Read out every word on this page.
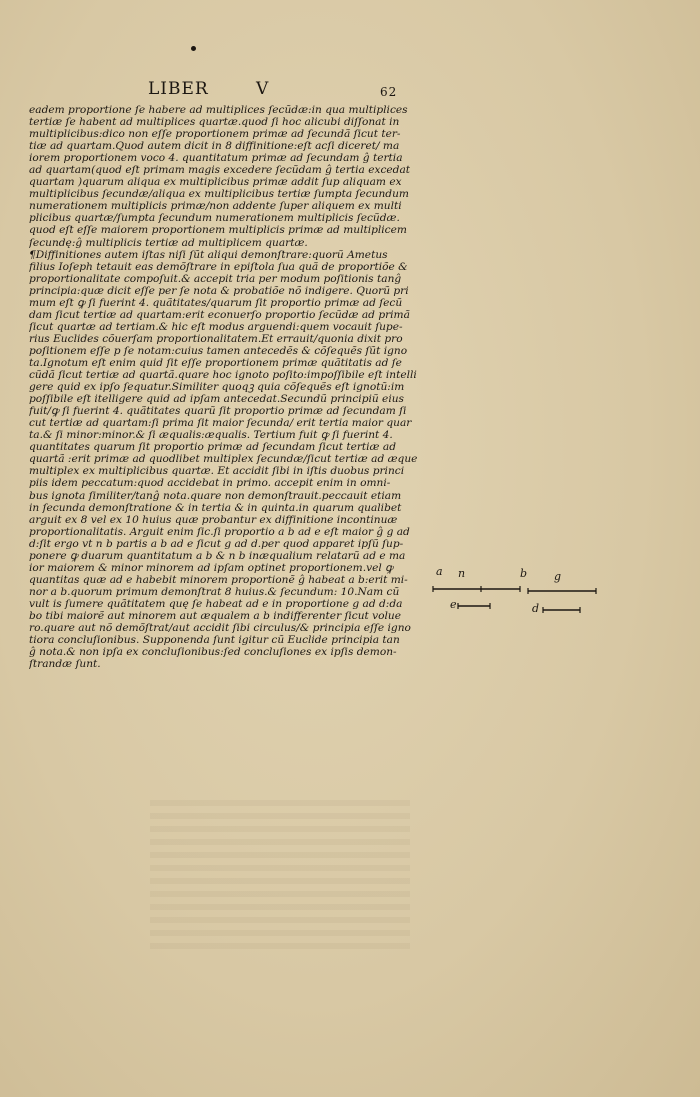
LIBER	V	62
eadem proportione ſe habere ad multiplices ſecũdæ:in qua multiplices
tertiæ ſe habent ad multiplices quartæ.quod ſi hoc alicubi diſſonat in
multiplicibus:dico non eſſe proportionem primæ ad ſecundã ſicut ter-
tiæ ad quartam.Quod autem dicit in 8 diffinitione:eſt acſi diceret/ ma
iorem proportionem voco 4. quantitatum primæ ad ſecundam ĝ tertia
ad quartam(quod eſt primam magis excedere ſecũdam ĝ tertia excedat
quartam )quarum aliqua ex multiplicibus primæ addit ſup aliquam ex
multiplicibus ſecundæ/aliqua ex multiplicibus tertiæ ſumpta ſecundum
numerationem multiplicis primæ/non addente ſuper aliquem ex multi
plicibus quartæ/ſumpta ſecundum numerationem multiplicis ſecũdæ.
quod eſt eſſe maiorem proportionem multiplicis primæ ad multiplicem
ſecundę:ĝ multiplicis tertiæ ad multiplicem quartæ.
¶Diffinitiones autem iſtas niſi ſũt aliqui demonſtrare:quorũ Ametus
filius Ioſeph tetauit eas demõſtrare in epiſtola ſua quã de proportiõe &
proportionalitate compoſuit.& accepit tria per modum poſitionis tanĝ
principia:quæ dicit eſſe per ſe nota & probatiõe nõ indigere. Quorũ pri
mum eſt ꝙ ſi fuerint 4. quãtitates/quarum ſit proportio primæ ad ſecũ
dam ſicut tertiæ ad quartam:erit econuerſo proportio ſecũdæ ad primã
ſicut quartæ ad tertiam.& hic eſt modus arguendi:quem vocauit ſupe-
rius Euclides cõuerſam proportionalitatem.Et errauit/quonia dixit pro
poſitionem eſſe p ſe notam:cuius tamen antecedẽs & cõſequẽs ſũt igno
ta.Ignotum eſt enim quid ſit eſſe proportionem primæ quãtitatis ad ſe
cũdã ſicut tertiæ ad quartã.quare hoc ignoto poſito:impoſſibile eſt intelli
gere quid ex ipſo ſequatur.Similiter quoqꝫ quia cõſequẽs eſt ignotũ:im
poſſibile eſt itelligere quid ad ipſam antecedat.Secundũ principiũ eius
fuit/ꝙ ſi fuerint 4. quãtitates quarũ ſit proportio primæ ad ſecundam ſi
cut tertiæ ad quartam:ſi prima ſit maior ſecunda/ erit tertia maior quar
ta.& ſi minor:minor.& ſi æqualis:æqualis. Tertium fuit ꝙ ſi fuerint 4.
quantitates quarum ſit proportio primæ ad ſecundam ſicut tertiæ ad
quartã :erit primæ ad quodlibet multiplex ſecundæ/ſicut tertiæ ad æque
multiplex ex multiplicibus quartæ. Et accidit ſibi in iſtis duobus princi
piis idem peccatum:quod accidebat in primo. accepit enim in omni-
bus ignota ſimiliter/tanĝ nota.quare non demonſtrauit.peccauit etiam
in ſecunda demonſtratione & in tertia & in quinta.in quarum qualibet
arguit ex 8 vel ex 10 huius quæ probantur ex diffinitione incontinuæ
proportionalitatis. Arguit enim ſic.ſi proportio a b ad e eſt maior ĝ g ad
d:ſit ergo vt n b partis a b ad e ſicut g ad d.per quod apparet ipſũ ſup-
ponere ꝙ duarum quantitatum a b & n b inæqualium relatarũ ad e ma
ior maiorem & minor minorem ad ipſam optinet proportionem.vel ꝙ
quantitas quæ ad e habebit minorem proportionẽ ĝ habeat a b:erit mi-
nor a b.quorum primum demonſtrat 8 huius.& ſecundum: 10.Nam cũ
vult is ſumere quãtitatem quę ſe habeat ad e in proportione g ad d:da
bo tibi maiorẽ aut minorem aut æqualem a b indifferenter ſicut volue
ro.quare aut nõ demõſtrat/aut accidit ſibi circulus/& principia eſſe igno
tiora concluſionibus. Supponenda ſunt igitur cũ Euclide principia tan
ĝ nota.& non ipſa ex concluſionibus:ſed concluſiones ex ipſis demon-
ſtrandæ ſunt.
a n	b g
e	d
